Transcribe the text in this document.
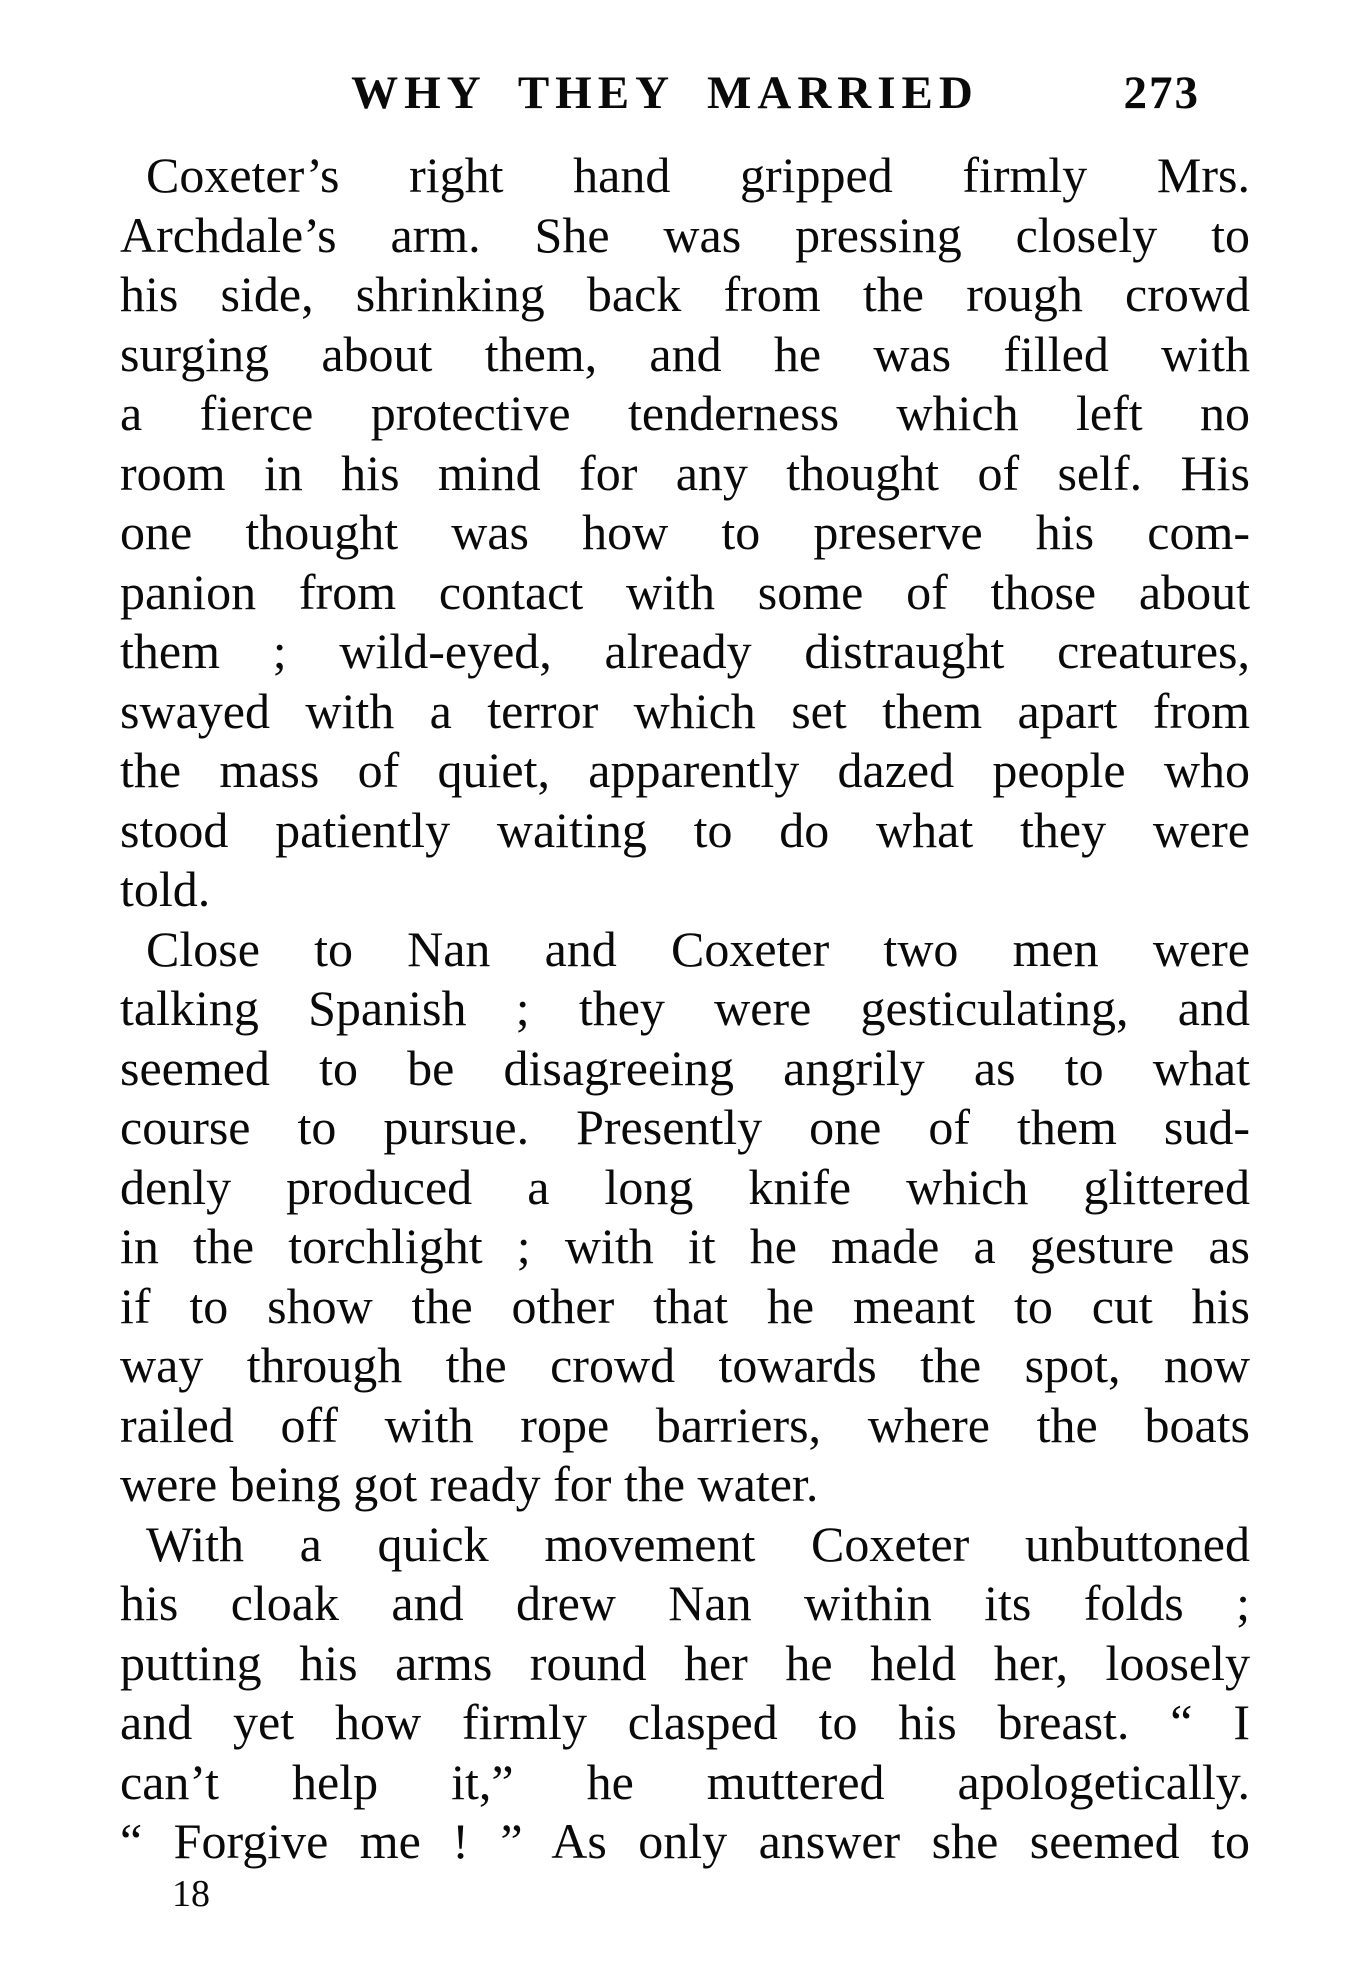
WHY THEY MARRIED	273
Coxeter’s right hand gripped firmly Mrs.
Archdale’s arm. She was pressing closely to
his side, shrinking back from the rough crowd
surging about them, and he was filled with
a fierce protective tenderness which left no
room in his mind for any thought of self. His
one thought was how to preserve his com-
panion from contact with some of those about
them ; wild-eyed, already distraught creatures,
swayed with a terror which set them apart from
the mass of quiet, apparently dazed people who
stood patiently waiting to do what they were
told.
Close to Nan and Coxeter two men were
talking Spanish ; they were gesticulating, and
seemed to be disagreeing angrily as to what
course to pursue. Presently one of them sud-
denly produced a long knife which glittered
in the torchlight ; with it he made a gesture as
if to show the other that he meant to cut his
way through the crowd towards the spot, now
railed off with rope barriers, where the boats
were being got ready for the water.
With a quick movement Coxeter unbuttoned
his cloak and drew Nan within its folds ;
putting his arms round her he held her, loosely
and yet how firmly clasped to his breast. “ I
can’t help it,” he muttered apologetically.
“ Forgive me ! ” As only answer she seemed to
18
